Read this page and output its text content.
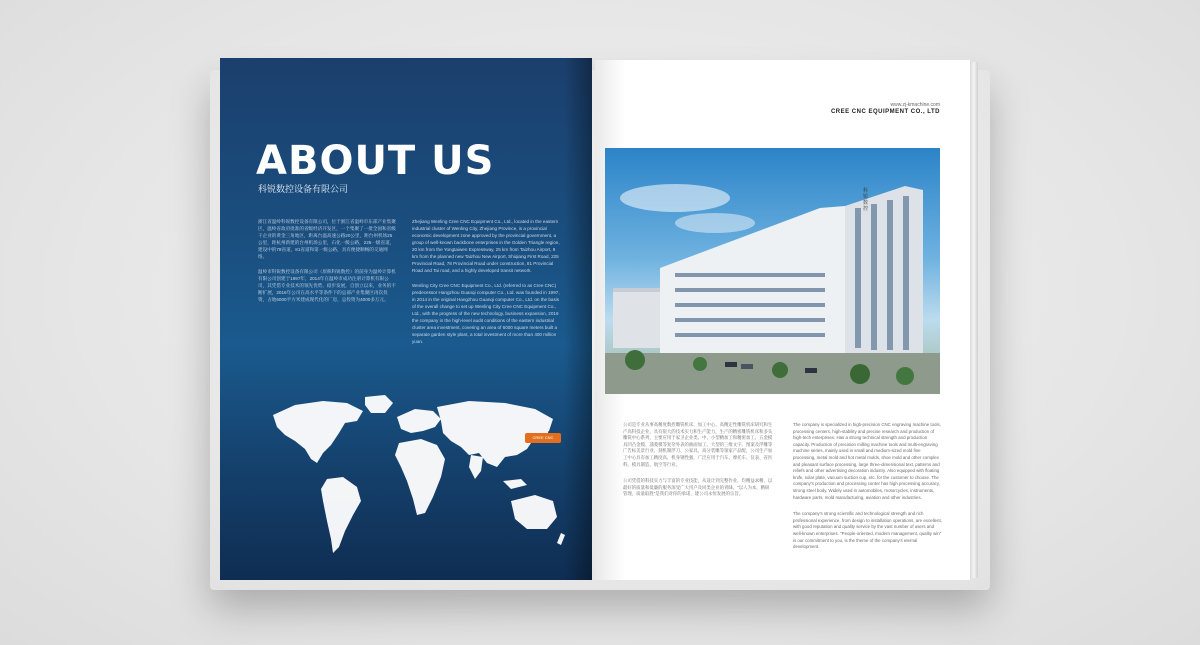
ABOUT US
科锐数控设备有限公司

浙江省温岭科锐数控设备有限公司，位于浙江省温岭市东部产业集聚区，温岭省政府批准的省级经济开发区，一个集聚了一批全国和省级干企业的黄金三角地区，距离台温高速公路20公里，距台州机场25公里，距杭州新建的台州机场公里，石化一级公路，225一级省道，建设中的78省道，81省道和第一级公路，具有便捷顺畅的交通网络。

温岭市科锐数控设备有限公司（原称科锐数控）的前身为温岭计算机有限公司创建于1997年，2014年在温岭市成功注册计算机有限公司，其凭借专业技术的领先优势，稳步发展，自创立以来，业务的不断扩展，2016年公司在高水平等条件下的总部产业集聚区再次投资，占地6000平方米建成现代化的厂房，总投资为4000多万元。

Zhejiang Wenling Cree CNC Equipment Co., Ltd., located in the eastern industrial cluster of Wenling City, Zhejiang Province, is a provincial economic development zone approved by the provincial government, a group of well-known backbone enterprises in the Golden Triangle region, 20 km from the Yongtaiwen Expressway, 25 km from Taizhou Airport, 8 km from the planned new Taizhou New Airport, Shiqiang First Road, 225 Provincial Road, 78 Provincial Road under construction, 81 Provincial Road and Tai road, and a highly developed transit network.

Wenling City Cree CNC Equipment Co., Ltd. (referred to as Cree CNC) predecessor Hangzhou Guanqi computer Co., Ltd. was founded in 1997, in 2014 in the original Hangzhou Guanqi computer Co., Ltd. on the basis of the overall change to set up Wenling City Cree CNC Equipment Co., Ltd., with the progress of the new technology, business expansion, 2016 the company in the high-level audit conditions of the eastern industrial cluster area investment, covering an area of 6000 square meters built a separate garden style plant, a total investment of more than 400 million yuan.

CREE CNC
www.zj-kmachine.com
CREE CNC EQUIPMENT CO., LTD
科锐数控

公司是专业从事高精度数控雕铣机床、加工中心、高精定性雕铣机床研究和生产高科技企业，具有很大的技术实力和生产能力，生产的精密雕铣机床和多头雕铣中心系列，主要应用于家卫企业类、中、小型精加工和精密加工、五金模具凹凸金模、浦菱模等复杂外表的曲面加工、大型的三维文字、图案及浮雕等广告标美景行业、刻机制浮刀、公家具、高分装雕等领家产品配，公司生产加工中心具有加工精度高、机身钢性强，广泛应用于汽车、摩托车、仪表、省医料、模具制造、航空等行业。

公司凭借的科技实力与丰富的专业技能，从设计到完整作业，均精益求精，以最好的质量和低廉的服务深受广大用户及同类企业的青睐，"以人为本，精研管理，质量取胜"是我们对你的承诺，建公司永恒发展的宗旨。

The company is specialized in high-precision CNC engraving machine tools, processing centers, high-stability and precise research and production of high-tech enterprises. Has a strong technical strength and production capacity. Production of precision milling machine tools and multi-engraving machine series, mainly used in small and medium-sized mold fine processing, metal mold and hot metal molds, shoe mold and other complex and pleasant surface processing, large three-dimensional text, patterns and reliefs and other advertising decoration industry. Also equipped with floating knife, solar plate, vacuum suction cup, etc. for the customer to choose. The company's production and processing center has high processing accuracy, strong steel body. Widely used in automobiles, motorcycles, instruments, hardware parts, mold manufacturing, aviation and other industries.

The company's strong scientific and technological strength and rich professional experience, from design to installation operations, are excellent, with good reputation and quality service by the vast number of users and well-known enterprises. "People-oriented, modern management, quality win" is our commitment to you, is the theme of the company's eternal development.
